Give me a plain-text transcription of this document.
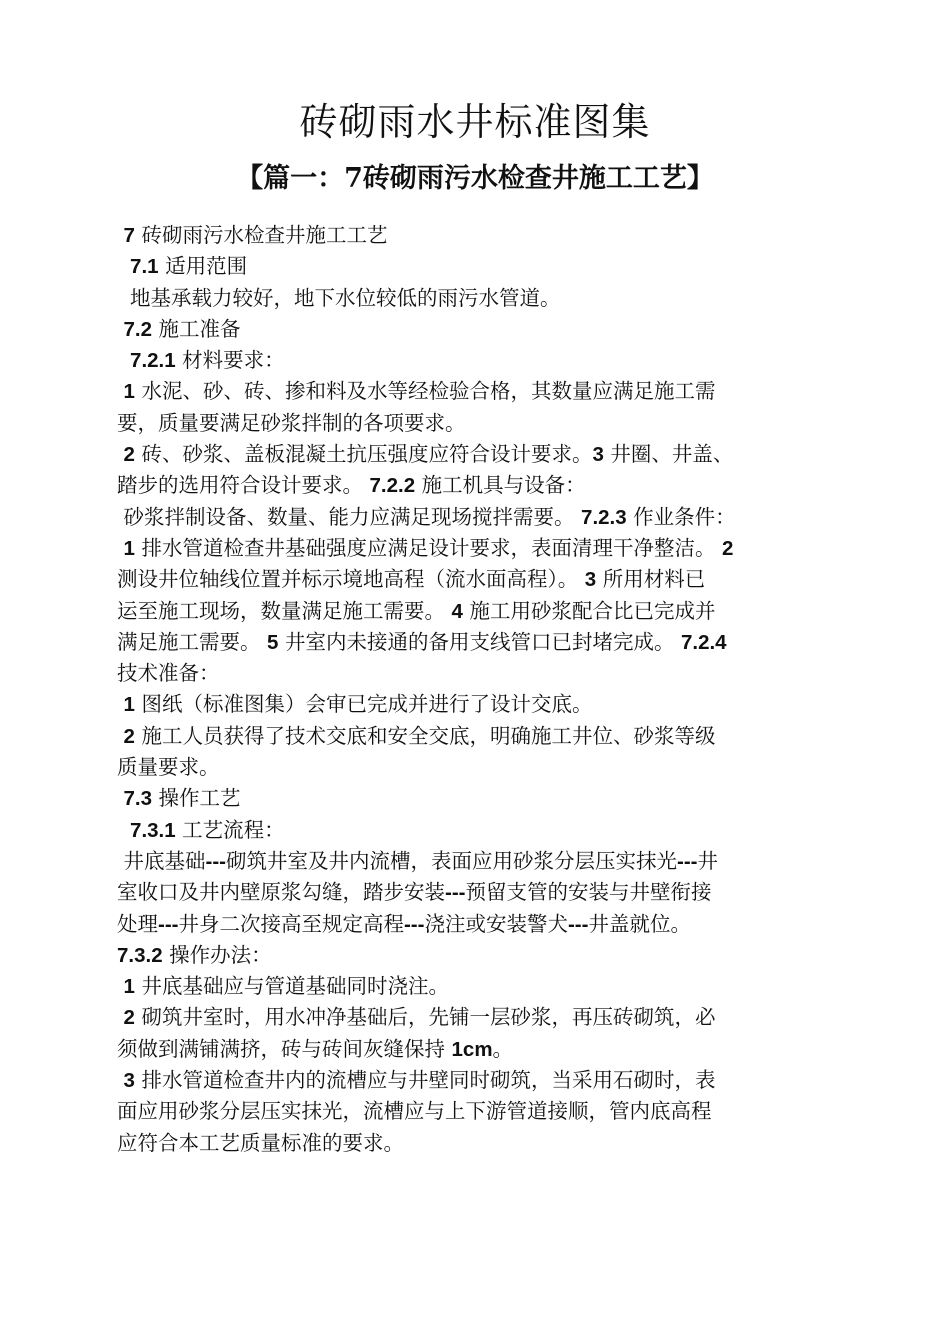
砖砌雨水井标准图集
【篇一：7砖砌雨污水检查井施工工艺】
7 砖砌雨污水检查井施工工艺
7.1 适用范围
地基承载力较好，地下水位较低的雨污水管道。
7.2 施工准备
7.2.1 材料要求：
1 水泥、砂、砖、掺和料及水等经检验合格，其数量应满足施工需
要，质量要满足砂浆拌制的各项要求。
2 砖、砂浆、盖板混凝土抗压强度应符合设计要求。3 井圈、井盖、
踏步的选用符合设计要求。 7.2.2 施工机具与设备：
砂浆拌制设备、数量、能力应满足现场搅拌需要。 7.2.3 作业条件：
1 排水管道检查井基础强度应满足设计要求，表面清理干净整洁。 2
测设井位轴线位置并标示境地高程（流水面高程）。 3 所用材料已
运至施工现场，数量满足施工需要。 4 施工用砂浆配合比已完成并
满足施工需要。 5 井室内未接通的备用支线管口已封堵完成。 7.2.4
技术准备：
1 图纸（标准图集）会审已完成并进行了设计交底。
2 施工人员获得了技术交底和安全交底，明确施工井位、砂浆等级
质量要求。
7.3 操作工艺
7.3.1 工艺流程：
井底基础---砌筑井室及井内流槽，表面应用砂浆分层压实抹光---井
室收口及井内壁原浆勾缝，踏步安装---预留支管的安装与井壁衔接
处理---井身二次接高至规定高程---浇注或安装警犬---井盖就位。
7.3.2 操作办法：
1 井底基础应与管道基础同时浇注。
2 砌筑井室时，用水冲净基础后，先铺一层砂浆，再压砖砌筑，必
须做到满铺满挤，砖与砖间灰缝保持 1cm。
3 排水管道检查井内的流槽应与井壁同时砌筑，当采用石砌时，表
面应用砂浆分层压实抹光，流槽应与上下游管道接顺，管内底高程
应符合本工艺质量标准的要求。
